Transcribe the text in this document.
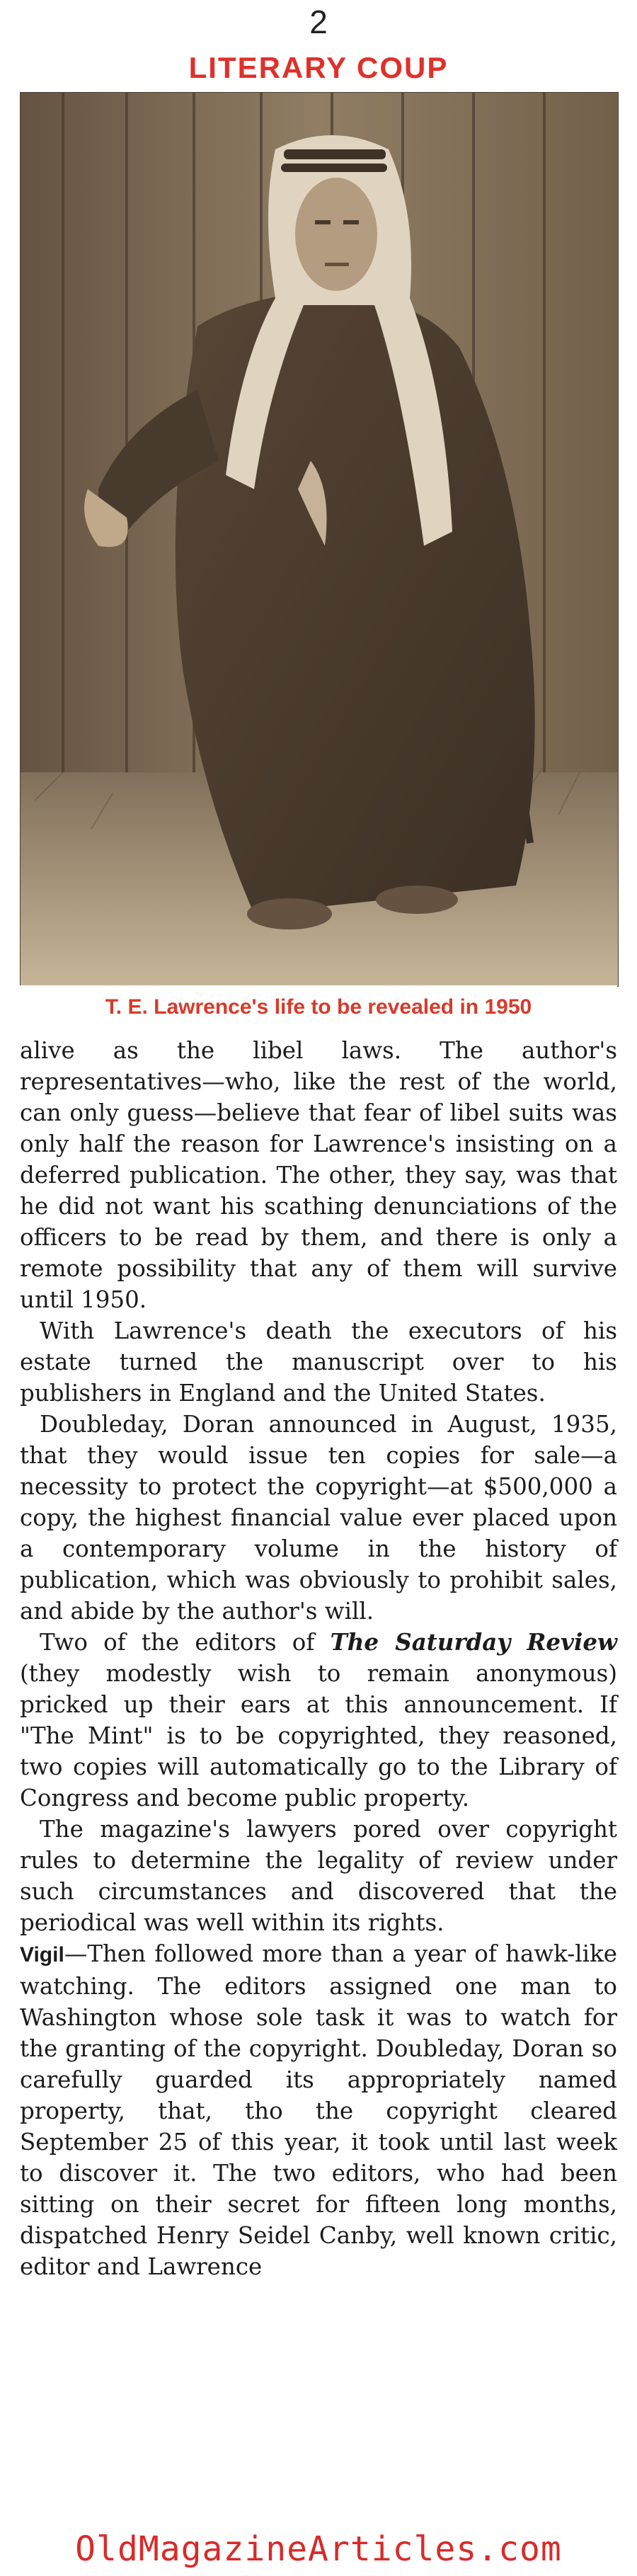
2
LITERARY COUP
T. E. Lawrence's life to be revealed in 1950

alive as the libel laws. The author's representatives—who, like the rest of the world, can only guess—believe that fear of libel suits was only half the reason for Lawrence's insisting on a deferred publication. The other, they say, was that he did not want his scathing denunciations of the officers to be read by them, and there is only a remote possibility that any of them will survive until 1950.

With Lawrence's death the executors of his estate turned the manuscript over to his publishers in England and the United States.

Doubleday, Doran announced in August, 1935, that they would issue ten copies for sale—a necessity to protect the copyright—at $500,000 a copy, the highest financial value ever placed upon a contemporary volume in the history of publication, which was obviously to prohibit sales, and abide by the author's will.

Two of the editors of The Saturday Review (they modestly wish to remain anonymous) pricked up their ears at this announcement. If "The Mint" is to be copyrighted, they reasoned, two copies will automatically go to the Library of Congress and become public property.

The magazine's lawyers pored over copyright rules to determine the legality of review under such circumstances and discovered that the periodical was well within its rights.

Vigil—Then followed more than a year of hawk-like watching. The editors assigned one man to Washington whose sole task it was to watch for the granting of the copyright. Doubleday, Doran so carefully guarded its appropriately named property, that, tho the copyright cleared September 25 of this year, it took until last week to discover it. The two editors, who had been sitting on their secret for fifteen long months, dispatched Henry Seidel Canby, well known critic, editor and Lawrence

OldMagazineArticles.com
